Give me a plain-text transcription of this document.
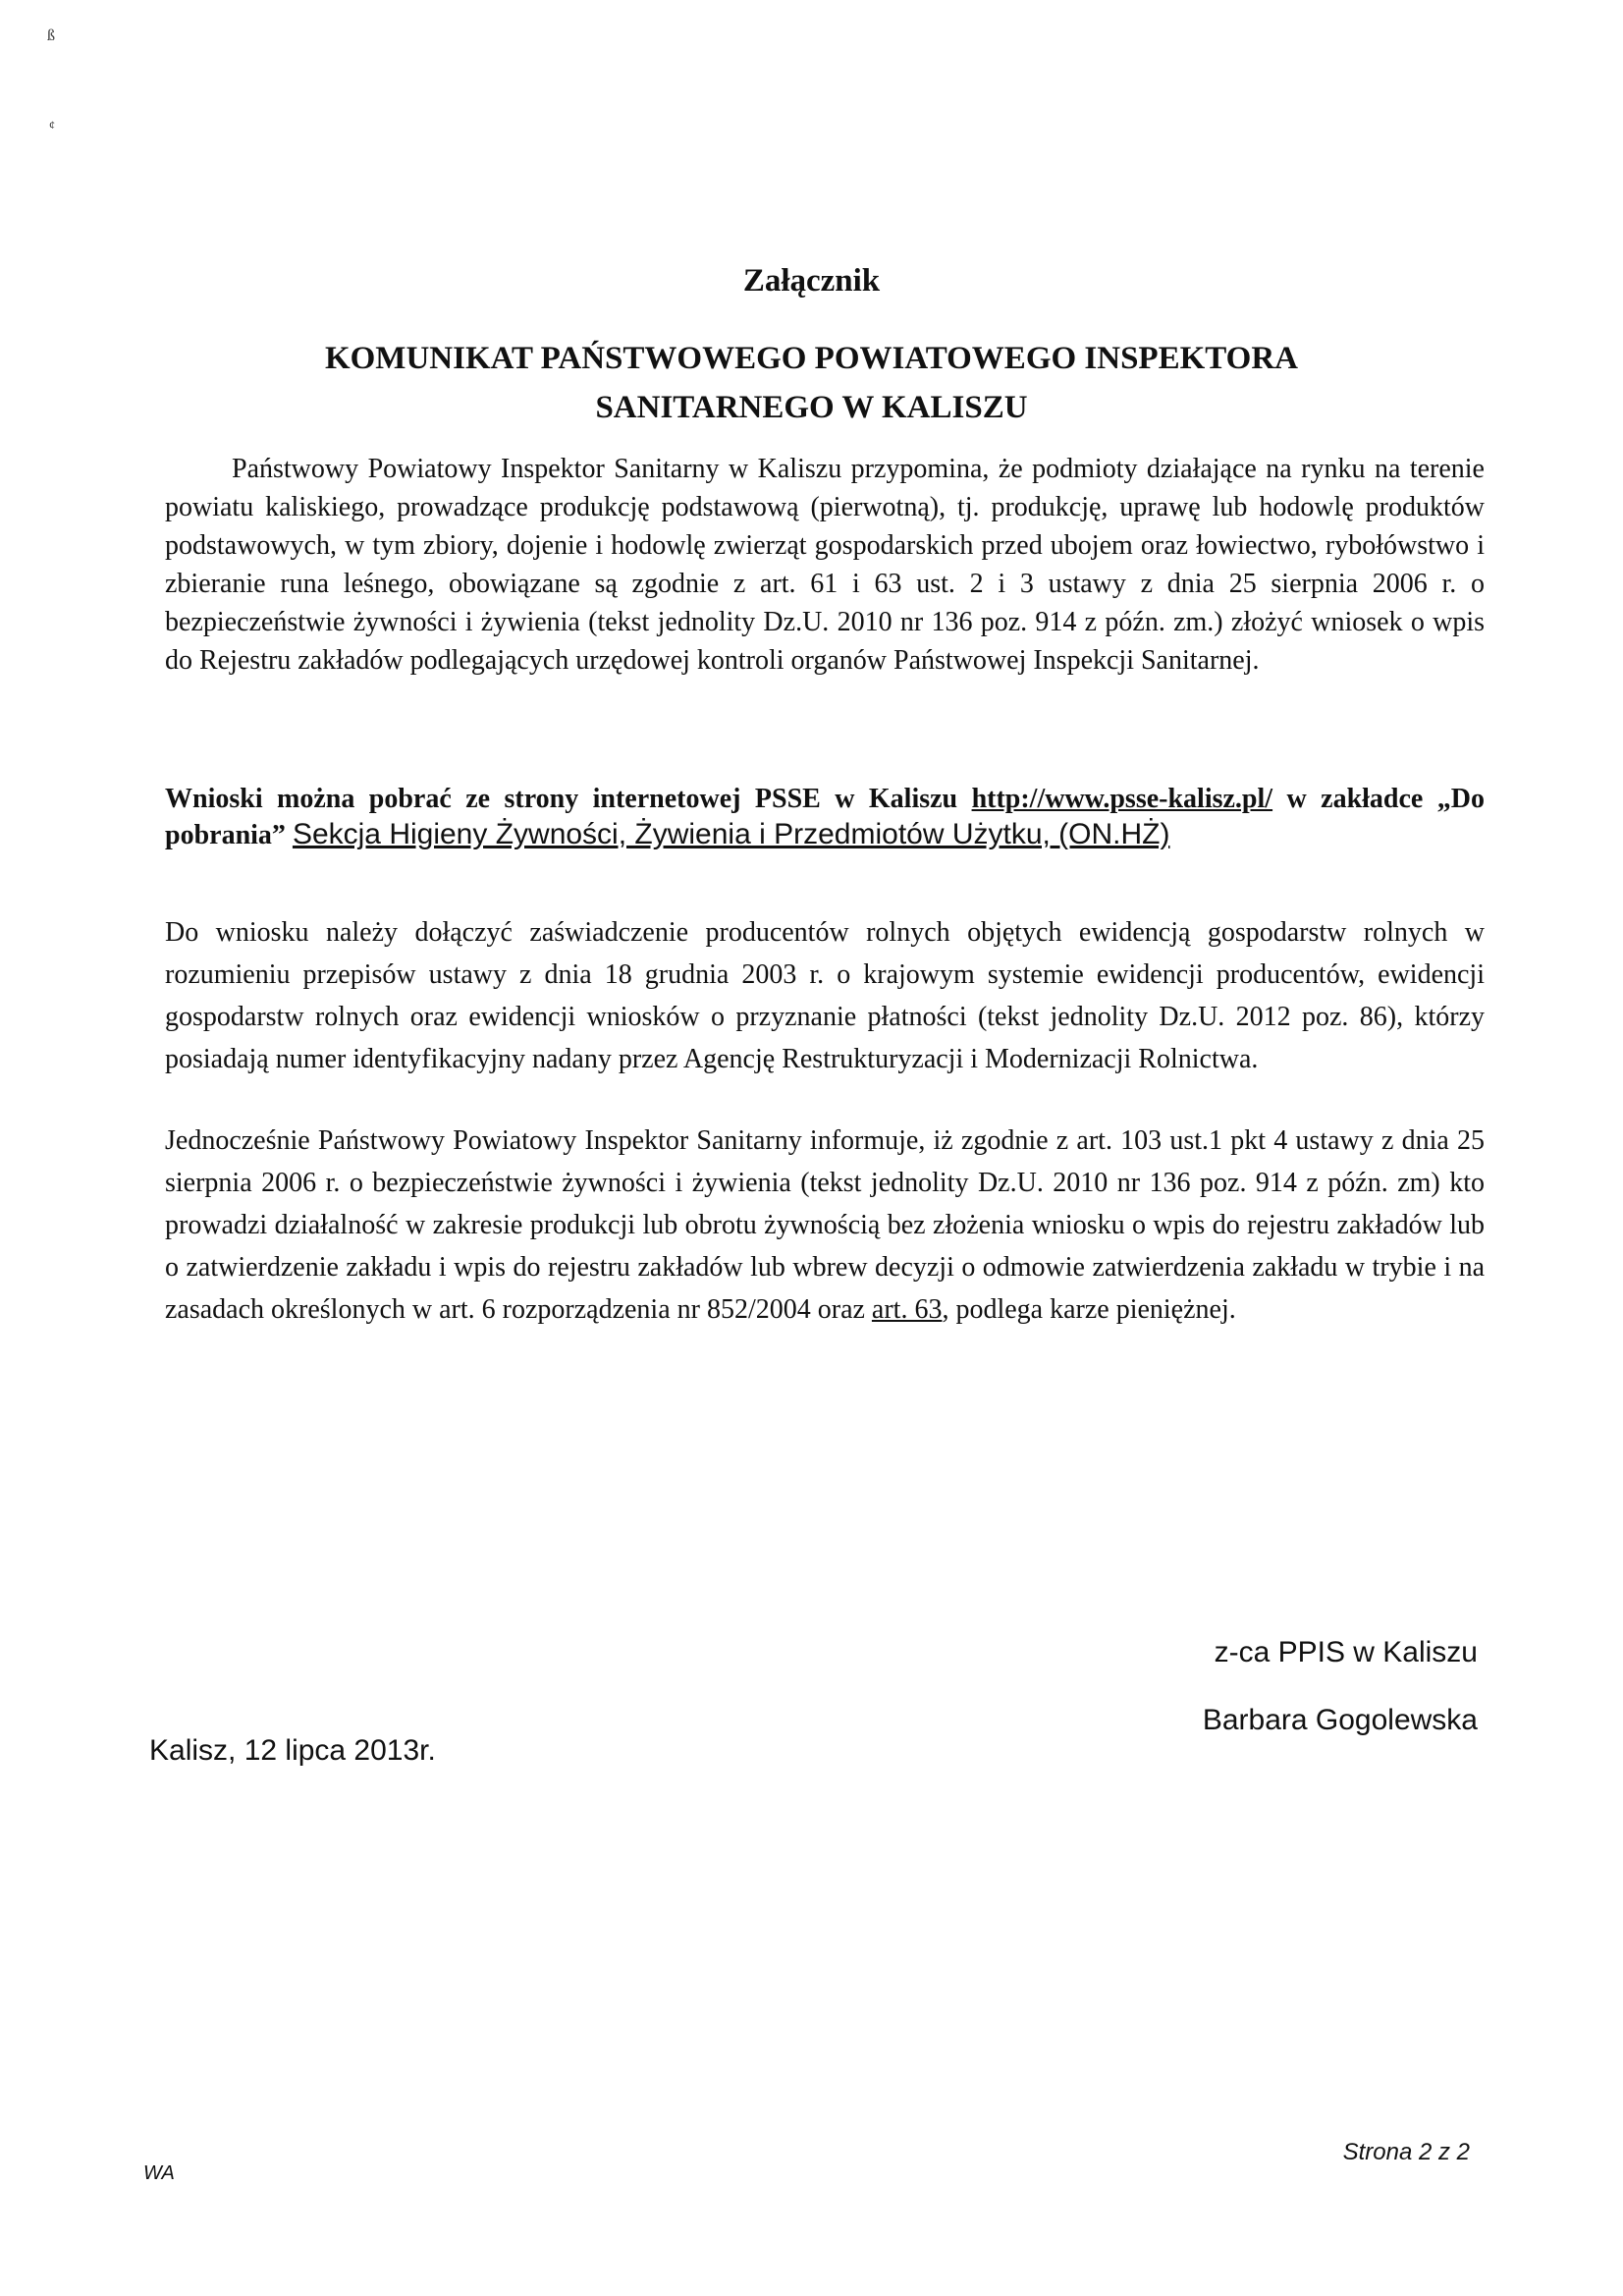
ß
¢
Załącznik
KOMUNIKAT PAŃSTWOWEGO POWIATOWEGO INSPEKTORA
SANITARNEGO W KALISZU

Państwowy Powiatowy Inspektor Sanitarny w Kaliszu przypomina, że podmioty działające na rynku na terenie powiatu kaliskiego, prowadzące produkcję podstawową (pierwotną), tj. produkcję, uprawę lub hodowlę produktów podstawowych, w tym zbiory, dojenie i hodowlę zwierząt gospodarskich przed ubojem oraz łowiectwo, rybołówstwo i zbieranie runa leśnego, obowiązane są zgodnie z art. 61 i 63 ust. 2 i 3 ustawy z dnia 25 sierpnia 2006 r. o bezpieczeństwie żywności i żywienia (tekst jednolity Dz.U. 2010 nr 136 poz. 914 z późn. zm.) złożyć wniosek o wpis do Rejestru zakładów podlegających urzędowej kontroli organów Państwowej Inspekcji Sanitarnej.

Wnioski można pobrać ze strony internetowej PSSE w Kaliszu http://www.psse-kalisz.pl/ w zakładce „Do pobrania” Sekcja Higieny Żywności, Żywienia i Przedmiotów Użytku, (ON.HŻ)

Do wniosku należy dołączyć zaświadczenie producentów rolnych objętych ewidencją gospodarstw rolnych w rozumieniu przepisów ustawy z dnia 18 grudnia 2003 r. o krajowym systemie ewidencji producentów, ewidencji gospodarstw rolnych oraz ewidencji wniosków o przyznanie płatności (tekst jednolity Dz.U. 2012 poz. 86), którzy posiadają numer identyfikacyjny nadany przez Agencję Restrukturyzacji i Modernizacji Rolnictwa.

Jednocześnie Państwowy Powiatowy Inspektor Sanitarny informuje, iż zgodnie z art. 103 ust.1 pkt 4 ustawy z dnia 25 sierpnia 2006 r. o bezpieczeństwie żywności i żywienia (tekst jednolity Dz.U. 2010 nr 136 poz. 914 z późn. zm) kto prowadzi działalność w zakresie produkcji lub obrotu żywnością bez złożenia wniosku o wpis do rejestru zakładów lub o zatwierdzenie zakładu i wpis do rejestru zakładów lub wbrew decyzji o odmowie zatwierdzenia zakładu w trybie i na zasadach określonych w art. 6 rozporządzenia nr 852/2004 oraz art. 63, podlega karze pieniężnej.

z-ca PPIS w Kaliszu
Barbara Gogolewska
Kalisz, 12 lipca 2013r.
Strona 2 z 2
WA
